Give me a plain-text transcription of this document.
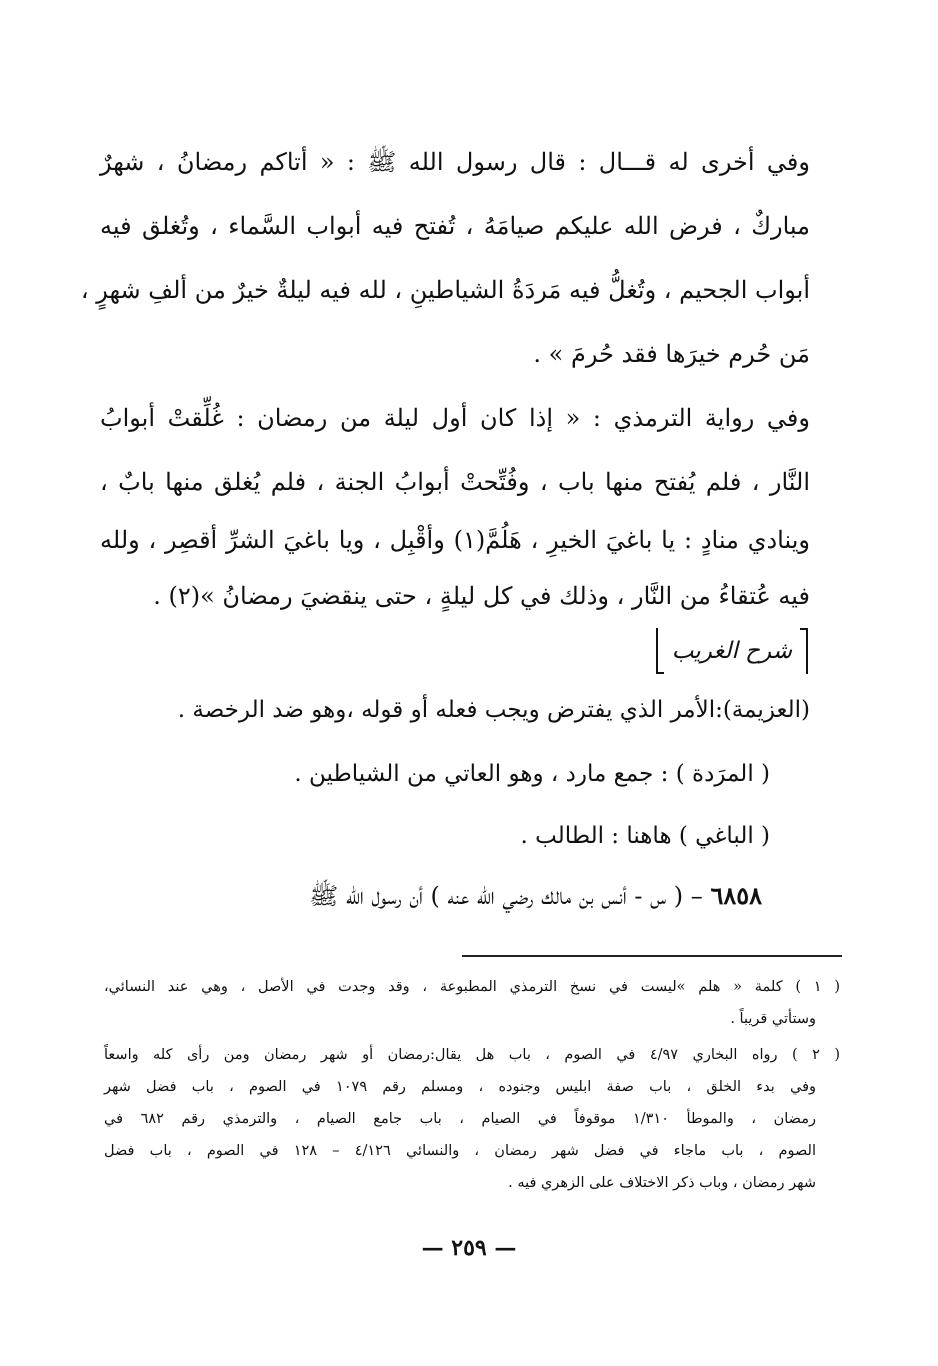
وفي أخرى له قـــال : قال رسول الله ﷺ : « أتاكم رمضانُ ، شهرٌ
مباركٌ ، فرض الله عليكم صيامَهُ ، تُفتح فيه أبواب السَّماء ، وتُغلق فيه
أبواب الجحيم ، وتُغلُّ فيه مَردَةُ الشياطينِ ، لله فيه ليلةٌ خيرٌ من ألفِ شهرٍ ،
مَن حُرم خيرَها فقد حُرمَ » .
وفي رواية الترمذي : « إذا كان أول ليلة من رمضان : غُلِّقتْ أبوابُ
النَّار ، فلم يُفتح منها باب ، وفُتِّحتْ أبوابُ الجنة ، فلم يُغلق منها بابٌ ،
وينادي منادٍ : يا باغيَ الخيرِ ، هَلُمَّ(١) وأقْبِل ، ويا باغيَ الشرِّ أقصِر ، ولله
فيه عُتقاءُ من النَّار ، وذلك في كل ليلةٍ ، حتى ينقضيَ رمضانُ »(٢) .
شرح الغريب
(العزيمة):الأمر الذي يفترض ويجب فعله أو قوله ،وهو ضد الرخصة .
( المرَدة ) : جمع مارد ، وهو العاتي من الشياطين .
( الباغي ) هاهنا : الطالب .
٦٨٥٨ – ( س - أنس بن مالك رضي الله عنه ) أن رسول الله ﷺ
( ١ ) كلمة « هلم »ليست في نسخ الترمذي المطبوعة ، وقد وجدت في الأصل ، وهي عند النسائي،
وستأتي قريباً .
( ٢ ) رواه البخاري ٤/٩٧ في الصوم ، باب هل يقال:رمضان أو شهر رمضان ومن رأى كله واسعاً
وفي بدء الخلق ، باب صفة ابليس وجنوده ، ومسلم رقم ١٠٧٩ في الصوم ، باب فضل شهر
رمضان ، والموطأ ١/٣١٠ موقوفاً في الصيام ، باب جامع الصيام ، والترمذي رقم ٦٨٢ في
الصوم ، باب ماجاء في فضل شهر رمضان ، والنسائي ٤/١٢٦ – ١٢٨ في الصوم ، باب فضل
شهر رمضان ، وباب ذكر الاختلاف على الزهري فيه .
— ٢٥٩ —
